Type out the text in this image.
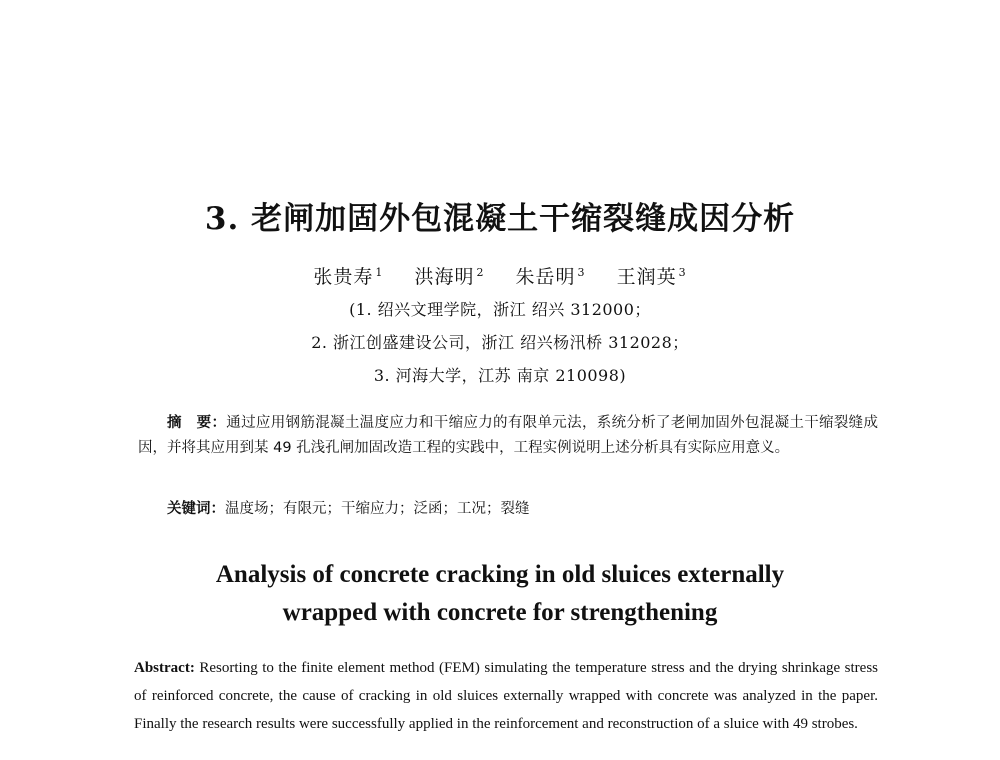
3. 老闸加固外包混凝土干缩裂缝成因分析
张贵寿 $^1$ 洪海明 $^2$ 朱岳明 $^3$ 王润英 $^3$

(1. 绍兴文理学院，浙江 绍兴 312000；

2. 浙江创盛建设公司，浙江 绍兴杨汛桥 312028；

3. 河海大学，江苏 南京 210098)

摘　要：通过应用钢筋混凝土温度应力和干缩应力的有限单元法，系统分析了老闸加固外包混凝土干缩裂缝成因，并将其应用到某 49 孔浅孔闸加固改造工程的实践中，工程实例说明上述分析具有实际应用意义。

关键词：温度场；有限元；干缩应力；泛函；工况；裂缝

Analysis of concrete cracking in old sluices externally
wrapped with concrete for strengthening

Abstract: Resorting to the finite element method (FEM) simulating the temperature stress and the drying shrinkage stress of reinforced concrete, the cause of cracking in old sluices externally wrapped with concrete was analyzed in the paper. Finally the research results were successfully applied in the reinforcement and reconstruction of a sluice with 49 strobes.
